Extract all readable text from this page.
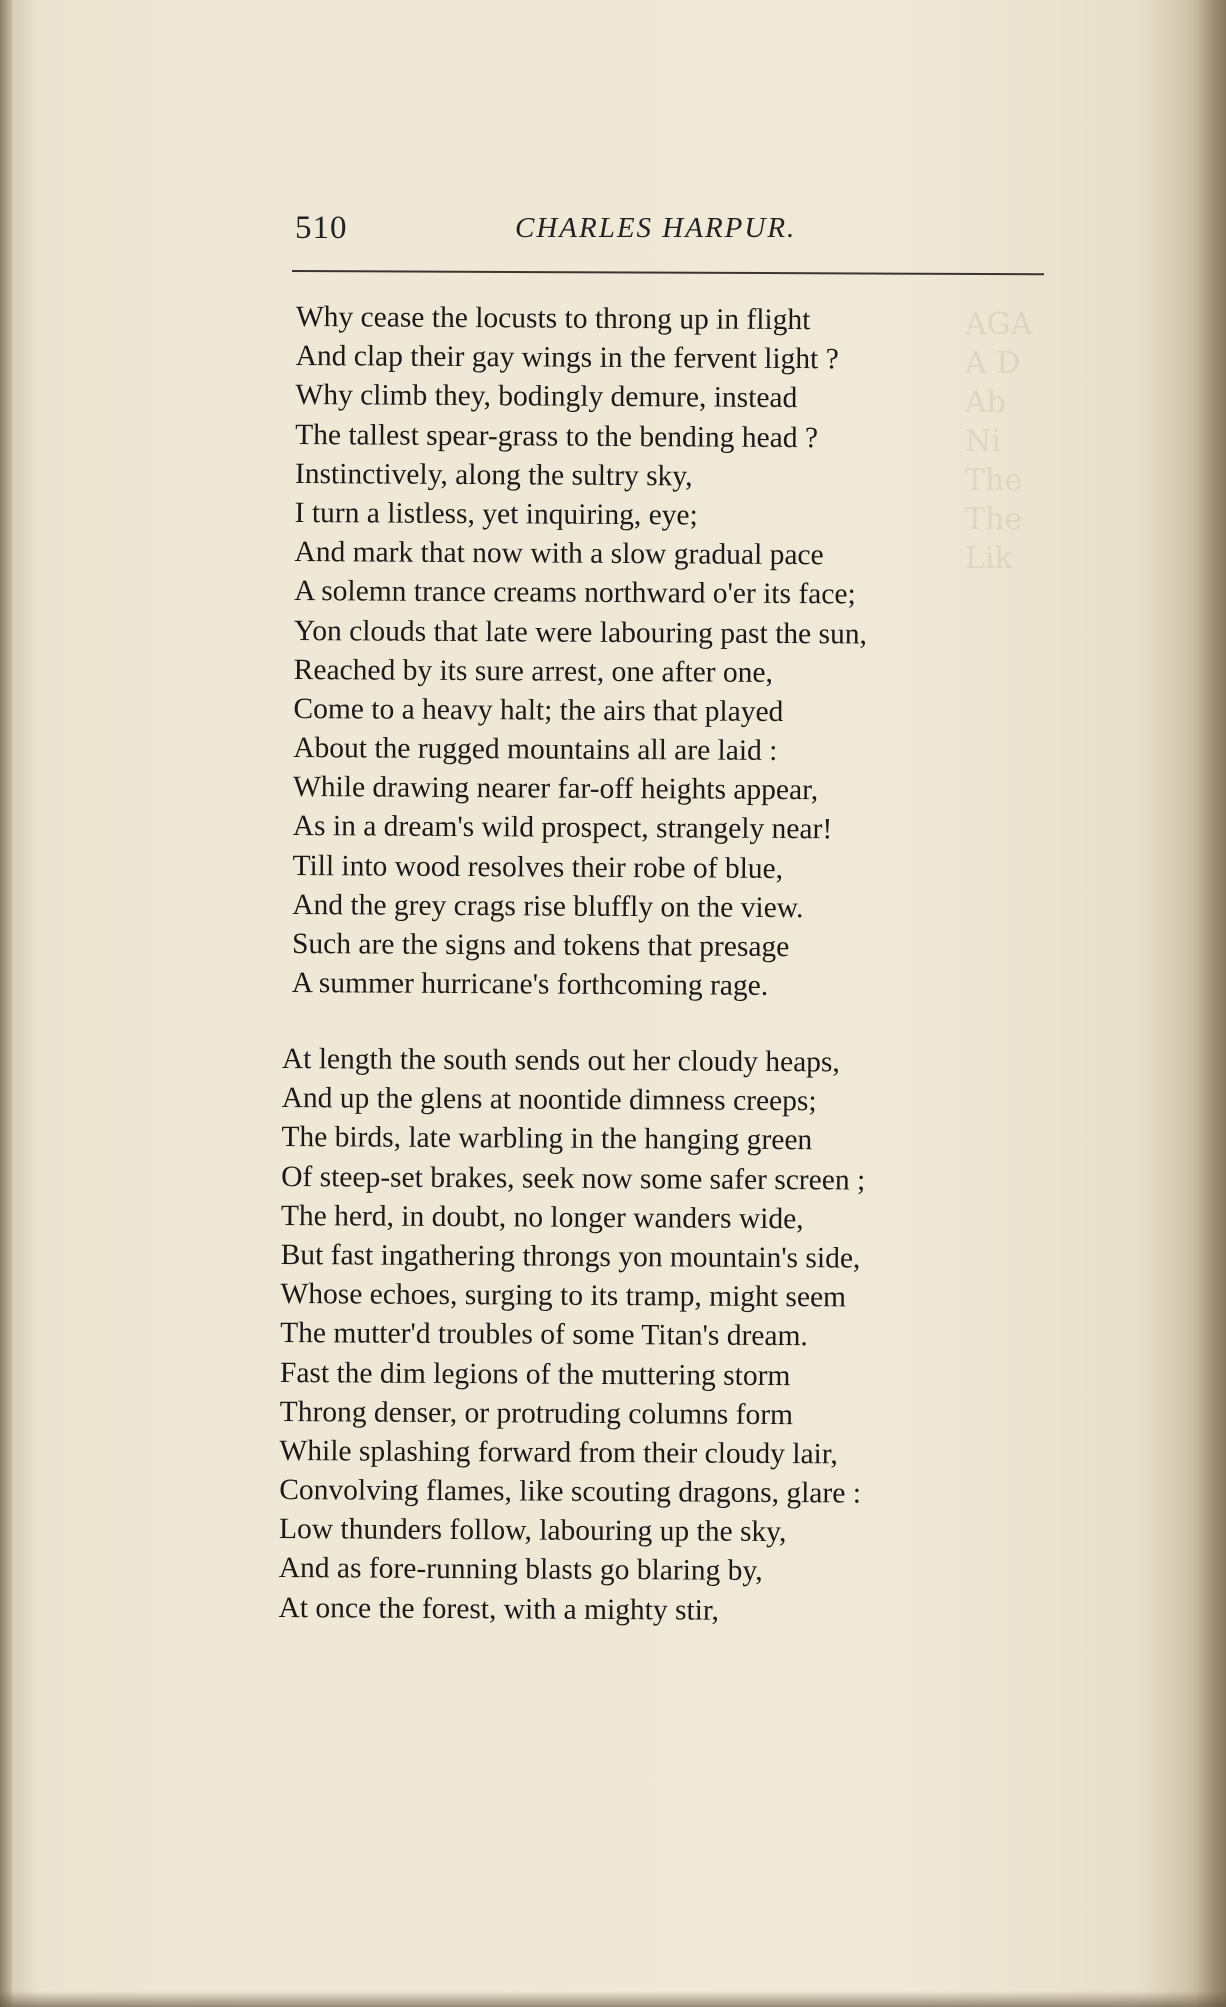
AGA
A D
Ab
Ni
The
The
Lik
510	CHARLES HARPUR.
Why cease the locusts to throng up in flight
And clap their gay wings in the fervent light ?
Why climb they, bodingly demure, instead
The tallest spear-grass to the bending head ?
Instinctively, along the sultry sky,
I turn a listless, yet inquiring, eye;
And mark that now with a slow gradual pace
A solemn trance creams northward o'er its face;
Yon clouds that late were labouring past the sun,
Reached by its sure arrest, one after one,
Come to a heavy halt; the airs that played
About the rugged mountains all are laid :
While drawing nearer far-off heights appear,
As in a dream's wild prospect, strangely near!
Till into wood resolves their robe of blue,
And the grey crags rise bluffly on the view.
Such are the signs and tokens that presage
A summer hurricane's forthcoming rage.
At length the south sends out her cloudy heaps,
And up the glens at noontide dimness creeps;
The birds, late warbling in the hanging green
Of steep-set brakes, seek now some safer screen ;
The herd, in doubt, no longer wanders wide,
But fast ingathering throngs yon mountain's side,
Whose echoes, surging to its tramp, might seem
The mutter'd troubles of some Titan's dream.
Fast the dim legions of the muttering storm
Throng denser, or protruding columns form
While splashing forward from their cloudy lair,
Convolving flames, like scouting dragons, glare :
Low thunders follow, labouring up the sky,
And as fore-running blasts go blaring by,
At once the forest, with a mighty stir,
